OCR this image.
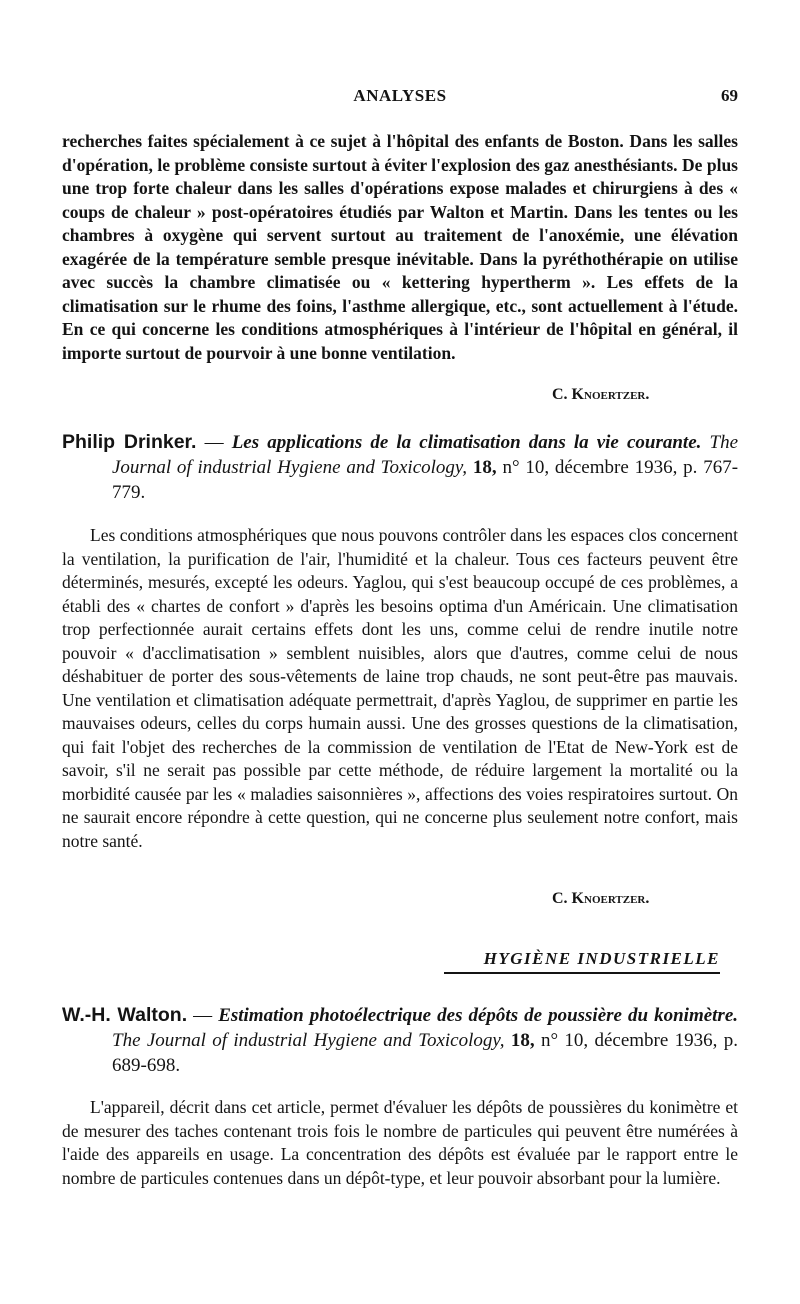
ANALYSES	69

recherches faites spécialement à ce sujet à l'hôpital des enfants de Boston. Dans les salles d'opération, le problème consiste surtout à éviter l'explosion des gaz anesthésiants. De plus une trop forte chaleur dans les salles d'opérations expose malades et chirurgiens à des « coups de chaleur » post-opératoires étudiés par Walton et Martin. Dans les tentes ou les chambres à oxygène qui servent surtout au traitement de l'anoxémie, une élévation exagérée de la température semble presque inévitable. Dans la pyréthothérapie on utilise avec succès la chambre climatisée ou « kettering hypertherm ». Les effets de la climatisation sur le rhume des foins, l'asthme allergique, etc., sont actuellement à l'étude. En ce qui concerne les conditions atmosphériques à l'intérieur de l'hôpital en général, il importe surtout de pourvoir à une bonne ventilation.

C. Knoertzer.

Philip Drinker. — Les applications de la climatisation dans la vie courante. The Journal of industrial Hygiene and Toxicology, 18, n° 10, décembre 1936, p. 767-779.

Les conditions atmosphériques que nous pouvons contrôler dans les espaces clos concernent la ventilation, la purification de l'air, l'humidité et la chaleur. Tous ces facteurs peuvent être déterminés, mesurés, excepté les odeurs. Yaglou, qui s'est beaucoup occupé de ces problèmes, a établi des « chartes de confort » d'après les besoins optima d'un Américain. Une climatisation trop perfectionnée aurait certains effets dont les uns, comme celui de rendre inutile notre pouvoir « d'acclimatisation » semblent nuisibles, alors que d'autres, comme celui de nous déshabituer de porter des sous-vêtements de laine trop chauds, ne sont peut-être pas mauvais. Une ventilation et climatisation adéquate permettrait, d'après Yaglou, de supprimer en partie les mauvaises odeurs, celles du corps humain aussi. Une des grosses questions de la climatisation, qui fait l'objet des recherches de la commission de ventilation de l'Etat de New-York est de savoir, s'il ne serait pas possible par cette méthode, de réduire largement la mortalité ou la morbidité causée par les « maladies saisonnières », affections des voies respiratoires surtout. On ne saurait encore répondre à cette question, qui ne concerne plus seulement notre confort, mais notre santé.

C. Knoertzer.
HYGIÈNE INDUSTRIELLE

W.-H. Walton. — Estimation photoélectrique des dépôts de poussière du konimètre. The Journal of industrial Hygiene and Toxicology, 18, n° 10, décembre 1936, p. 689-698.

L'appareil, décrit dans cet article, permet d'évaluer les dépôts de poussières du konimètre et de mesurer des taches contenant trois fois le nombre de particules qui peuvent être numérées à l'aide des appareils en usage. La concentration des dépôts est évaluée par le rapport entre le nombre de particules contenues dans un dépôt-type, et leur pouvoir absorbant pour la lumière.
